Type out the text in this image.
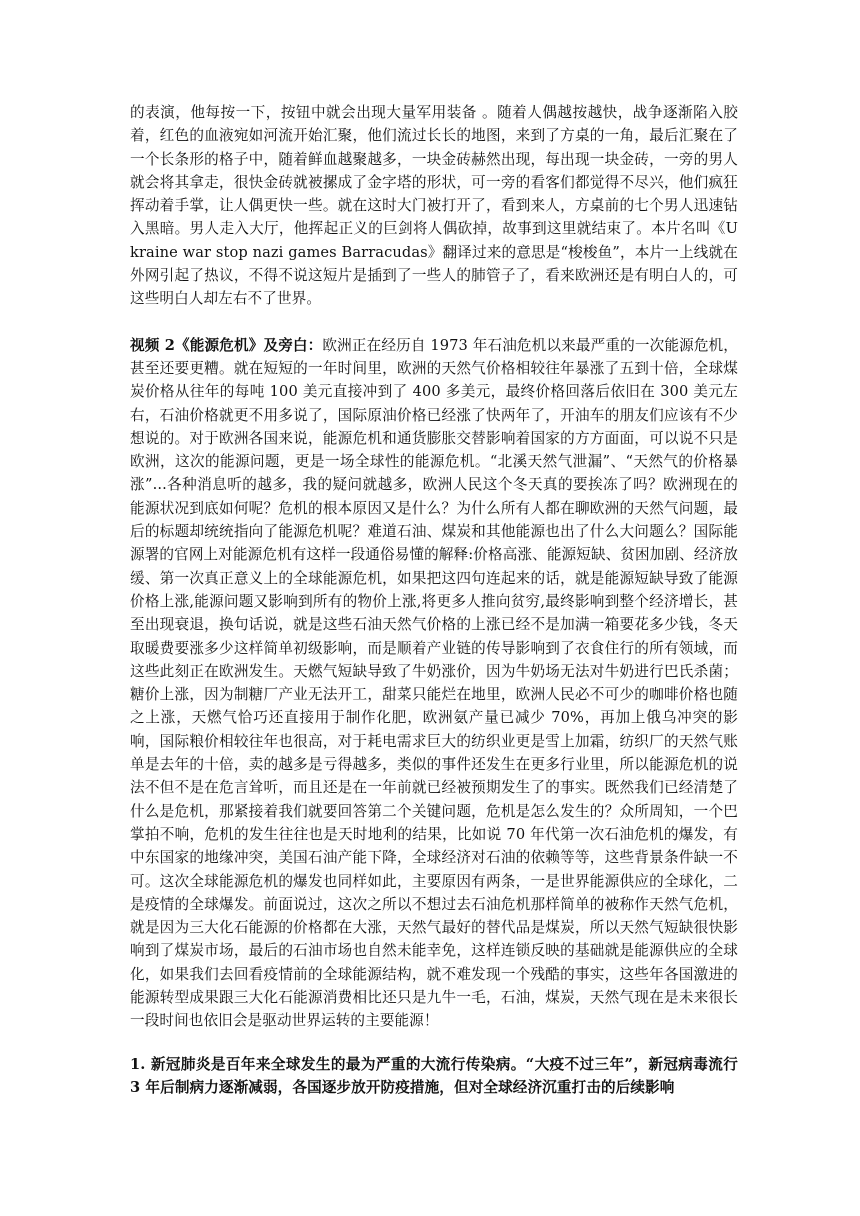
的表演，他每按一下，按钮中就会出现大量军用装备 。随着人偶越按越快，战争逐渐陷入胶着，红色的血液宛如河流开始汇聚，他们流过长长的地图，来到了方桌的一角，最后汇聚在了一个长条形的格子中，随着鲜血越聚越多，一块金砖赫然出现，每出现一块金砖，一旁的男人就会将其拿走，很快金砖就被摞成了金字塔的形状，可一旁的看客们都觉得不尽兴，他们疯狂挥动着手掌，让人偶更快一些。就在这时大门被打开了，看到来人，方桌前的七个男人迅速钻入黑暗。男人走入大厅，他挥起正义的巨剑将人偶砍掉，故事到这里就结束了。本片名叫《Ukraine war stop nazi games Barracudas》翻译过来的意思是“梭梭鱼”，本片一上线就在外网引起了热议，不得不说这短片是插到了一些人的肺管子了，看来欧洲还是有明白人的，可这些明白人却左右不了世界。

视频 2《能源危机》及旁白：欧洲正在经历自 1973 年石油危机以来最严重的一次能源危机，甚至还要更糟。就在短短的一年时间里，欧洲的天然气价格相较往年暴涨了五到十倍，全球煤炭价格从往年的每吨 100 美元直接冲到了 400 多美元，最终价格回落后依旧在 300 美元左右，石油价格就更不用多说了，国际原油价格已经涨了快两年了，开油车的朋友们应该有不少想说的。对于欧洲各国来说，能源危机和通货膨胀交替影响着国家的方方面面，可以说不只是欧洲，这次的能源问题，更是一场全球性的能源危机。“北溪天然气泄漏”、“天然气的价格暴涨”...各种消息听的越多，我的疑问就越多，欧洲人民这个冬天真的要挨冻了吗？欧洲现在的能源状况到底如何呢？危机的根本原因又是什么？为什么所有人都在聊欧洲的天然气问题，最后的标题却统统指向了能源危机呢？难道石油、煤炭和其他能源也出了什么大问题么？国际能源署的官网上对能源危机有这样一段通俗易懂的解释:价格高涨、能源短缺、贫困加剧、经济放缓、第一次真正意义上的全球能源危机，如果把这四句连起来的话，就是能源短缺导致了能源价格上涨,能源问题又影响到所有的物价上涨,将更多人推向贫穷,最终影响到整个经济增长，甚至出现衰退，换句话说，就是这些石油天然气价格的上涨已经不是加满一箱要花多少钱，冬天取暖费要涨多少这样简单初级影响，而是顺着产业链的传导影响到了衣食住行的所有领域，而这些此刻正在欧洲发生。天燃气短缺导致了牛奶涨价，因为牛奶场无法对牛奶进行巴氏杀菌；糖价上涨，因为制糖厂产业无法开工，甜菜只能烂在地里，欧洲人民必不可少的咖啡价格也随之上涨，天燃气恰巧还直接用于制作化肥，欧洲氨产量已减少 70%，再加上俄乌冲突的影响，国际粮价相较往年也很高，对于耗电需求巨大的纺织业更是雪上加霜，纺织厂的天然气账单是去年的十倍，卖的越多是亏得越多，类似的事件还发生在更多行业里，所以能源危机的说法不但不是在危言耸听，而且还是在一年前就已经被预期发生了的事实。既然我们已经清楚了什么是危机，那紧接着我们就要回答第二个关键问题，危机是怎么发生的？众所周知，一个巴掌拍不响，危机的发生往往也是天时地利的结果，比如说 70 年代第一次石油危机的爆发，有中东国家的地缘冲突，美国石油产能下降，全球经济对石油的依赖等等，这些背景条件缺一不可。这次全球能源危机的爆发也同样如此，主要原因有两条，一是世界能源供应的全球化，二是疫情的全球爆发。前面说过，这次之所以不想过去石油危机那样简单的被称作天然气危机，就是因为三大化石能源的价格都在大涨，天然气最好的替代品是煤炭，所以天然气短缺很快影响到了煤炭市场，最后的石油市场也自然未能幸免，这样连锁反映的基础就是能源供应的全球化，如果我们去回看疫情前的全球能源结构，就不难发现一个残酷的事实，这些年各国激进的能源转型成果跟三大化石能源消费相比还只是九牛一毛，石油，煤炭，天然气现在是未来很长一段时间也依旧会是驱动世界运转的主要能源！

1. 新冠肺炎是百年来全球发生的最为严重的大流行传染病。“大疫不过三年”，新冠病毒流行 3 年后制病力逐渐减弱，各国逐步放开防疫措施，但对全球经济沉重打击的后续影响
